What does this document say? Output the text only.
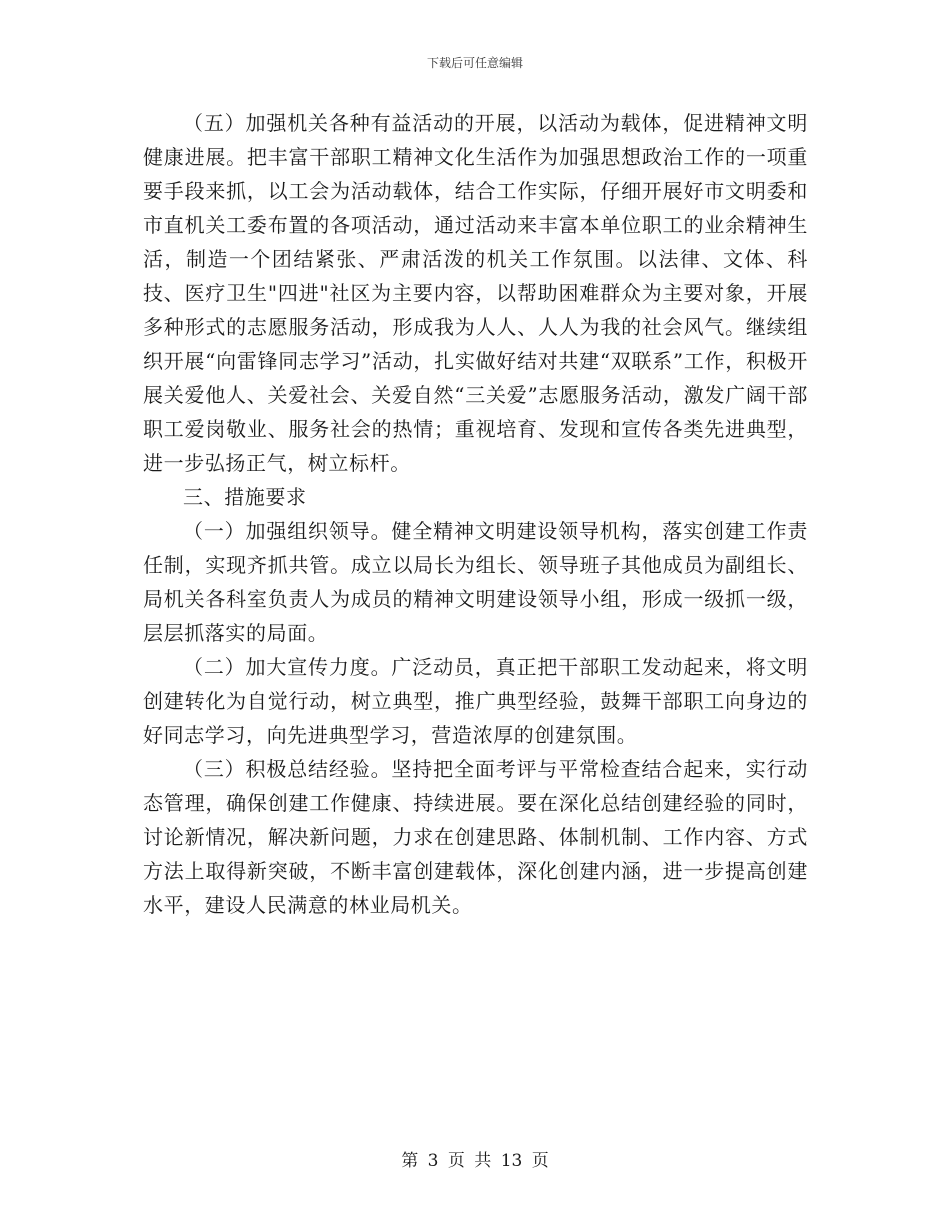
下载后可任意编辑

（五）加强机关各种有益活动的开展，以活动为载体，促进精神文明健康进展。把丰富干部职工精神文化生活作为加强思想政治工作的一项重要手段来抓，以工会为活动载体，结合工作实际，仔细开展好市文明委和市直机关工委布置的各项活动，通过活动来丰富本单位职工的业余精神生活，制造一个团结紧张、严肃活泼的机关工作氛围。以法律、文体、科技、医疗卫生"四进"社区为主要内容，以帮助困难群众为主要对象，开展多种形式的志愿服务活动，形成我为人人、人人为我的社会风气。继续组织开展“向雷锋同志学习”活动，扎实做好结对共建“双联系”工作，积极开展关爱他人、关爱社会、关爱自然“三关爱”志愿服务活动，激发广阔干部职工爱岗敬业、服务社会的热情；重视培育、发现和宣传各类先进典型，进一步弘扬正气，树立标杆。

三、措施要求

（一）加强组织领导。健全精神文明建设领导机构，落实创建工作责任制，实现齐抓共管。成立以局长为组长、领导班子其他成员为副组长、局机关各科室负责人为成员的精神文明建设领导小组，形成一级抓一级，层层抓落实的局面。

（二）加大宣传力度。广泛动员，真正把干部职工发动起来，将文明创建转化为自觉行动，树立典型，推广典型经验，鼓舞干部职工向身边的好同志学习，向先进典型学习，营造浓厚的创建氛围。

（三）积极总结经验。坚持把全面考评与平常检查结合起来，实行动态管理，确保创建工作健康、持续进展。要在深化总结创建经验的同时，讨论新情况，解决新问题，力求在创建思路、体制机制、工作内容、方式方法上取得新突破，不断丰富创建载体，深化创建内涵，进一步提高创建水平，建设人民满意的林业局机关。

第 3 页 共 13 页
